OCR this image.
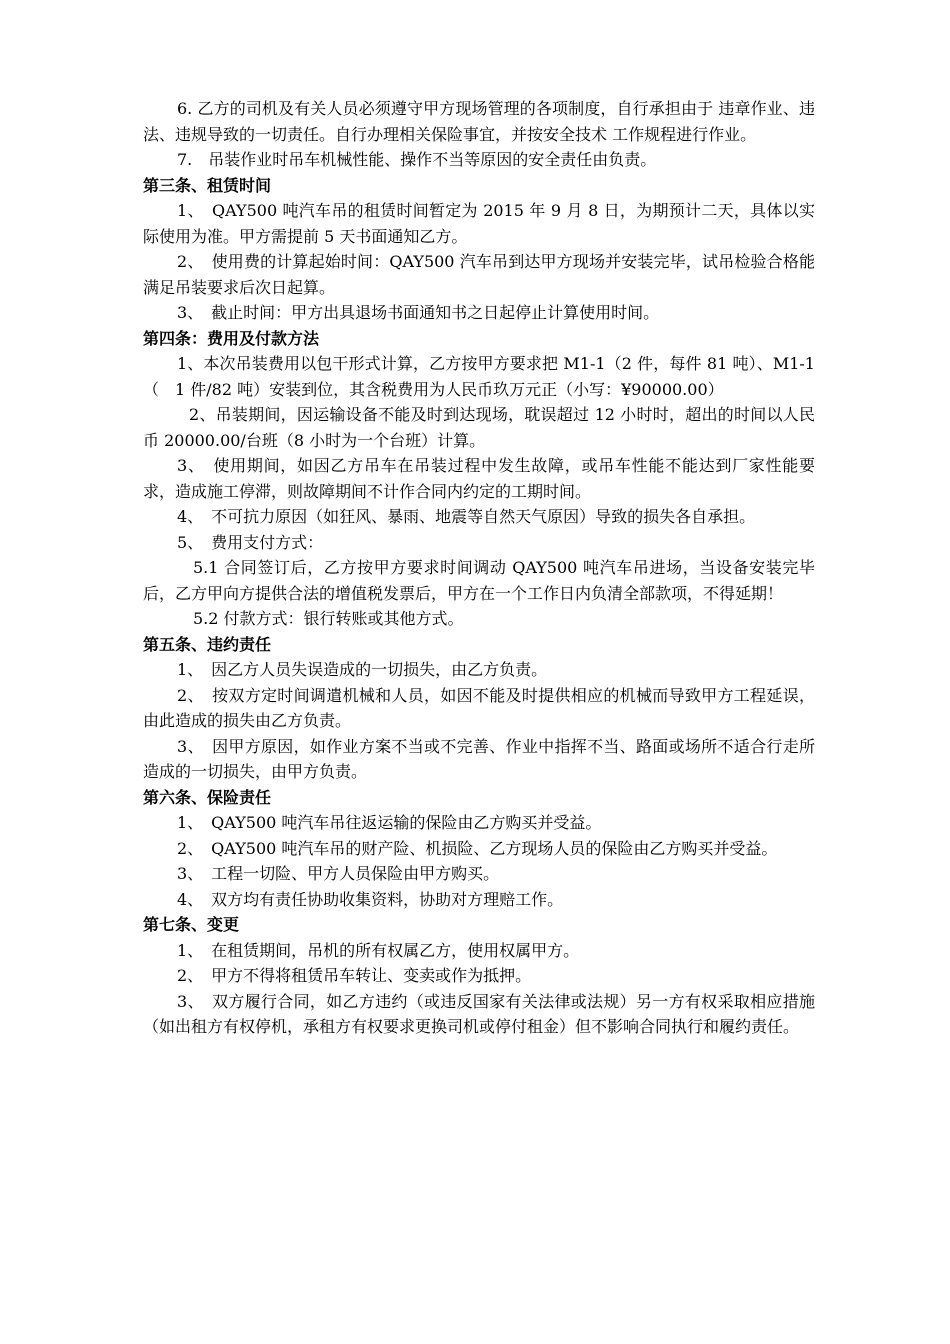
6. 乙方的司机及有关人员必须遵守甲方现场管理的各项制度，自行承担由于 违章作业、违法、违规导致的一切责任。自行办理相关保险事宜，并按安全技术 工作规程进行作业。

7.　吊装作业时吊车机械性能、操作不当等原因的安全责任由负责。

第三条、租赁时间

1、　QAY500 吨汽车吊的租赁时间暂定为 2015 年 9 月 8 日，为期预计二天，具体以实际使用为准。甲方需提前 5 天书面通知乙方。

2、　使用费的计算起始时间：QAY500 汽车吊到达甲方现场并安装完毕，试吊检验合格能满足吊装要求后次日起算。

3、　截止时间：甲方出具退场书面通知书之日起停止计算使用时间。

第四条：费用及付款方法

1、本次吊装费用以包干形式计算，乙方按甲方要求把 M1-1（2 件，每件 81 吨）、M1-1（　1 件/82 吨）安装到位，其含税费用为人民币玖万元正（小写：¥90000.00）

2、吊装期间，因运输设备不能及时到达现场，耽误超过 12 小时时，超出的时间以人民币 20000.00/台班（8 小时为一个台班）计算。

3、　使用期间，如因乙方吊车在吊装过程中发生故障，或吊车性能不能达到厂家性能要求，造成施工停滞，则故障期间不计作合同内约定的工期时间。

4、　不可抗力原因（如狂风、暴雨、地震等自然天气原因）导致的损失各自承担。

5、　费用支付方式：

5.1 合同签订后，乙方按甲方要求时间调动 QAY500 吨汽车吊进场，当设备安装完毕后，乙方甲向方提供合法的增值税发票后，甲方在一个工作日内负清全部款项，不得延期！

5.2 付款方式：银行转账或其他方式。

第五条、违约责任

1、　因乙方人员失误造成的一切损失，由乙方负责。

2、　按双方定时间调遣机械和人员，如因不能及时提供相应的机械而导致甲方工程延误，由此造成的损失由乙方负责。

3、　因甲方原因，如作业方案不当或不完善、作业中指挥不当、路面或场所不适合行走所造成的一切损失，由甲方负责。

第六条、保险责任

1、　QAY500 吨汽车吊往返运输的保险由乙方购买并受益。

2、　QAY500 吨汽车吊的财产险、机损险、乙方现场人员的保险由乙方购买并受益。

3、　工程一切险、甲方人员保险由甲方购买。

4、　双方均有责任协助收集资料，协助对方理赔工作。

第七条、变更

1、　在租赁期间，吊机的所有权属乙方，使用权属甲方。

2、　甲方不得将租赁吊车转让、变卖或作为抵押。

3、　双方履行合同，如乙方违约（或违反国家有关法律或法规）另一方有权采取相应措施（如出租方有权停机，承租方有权要求更换司机或停付租金）但不影响合同执行和履约责任。
